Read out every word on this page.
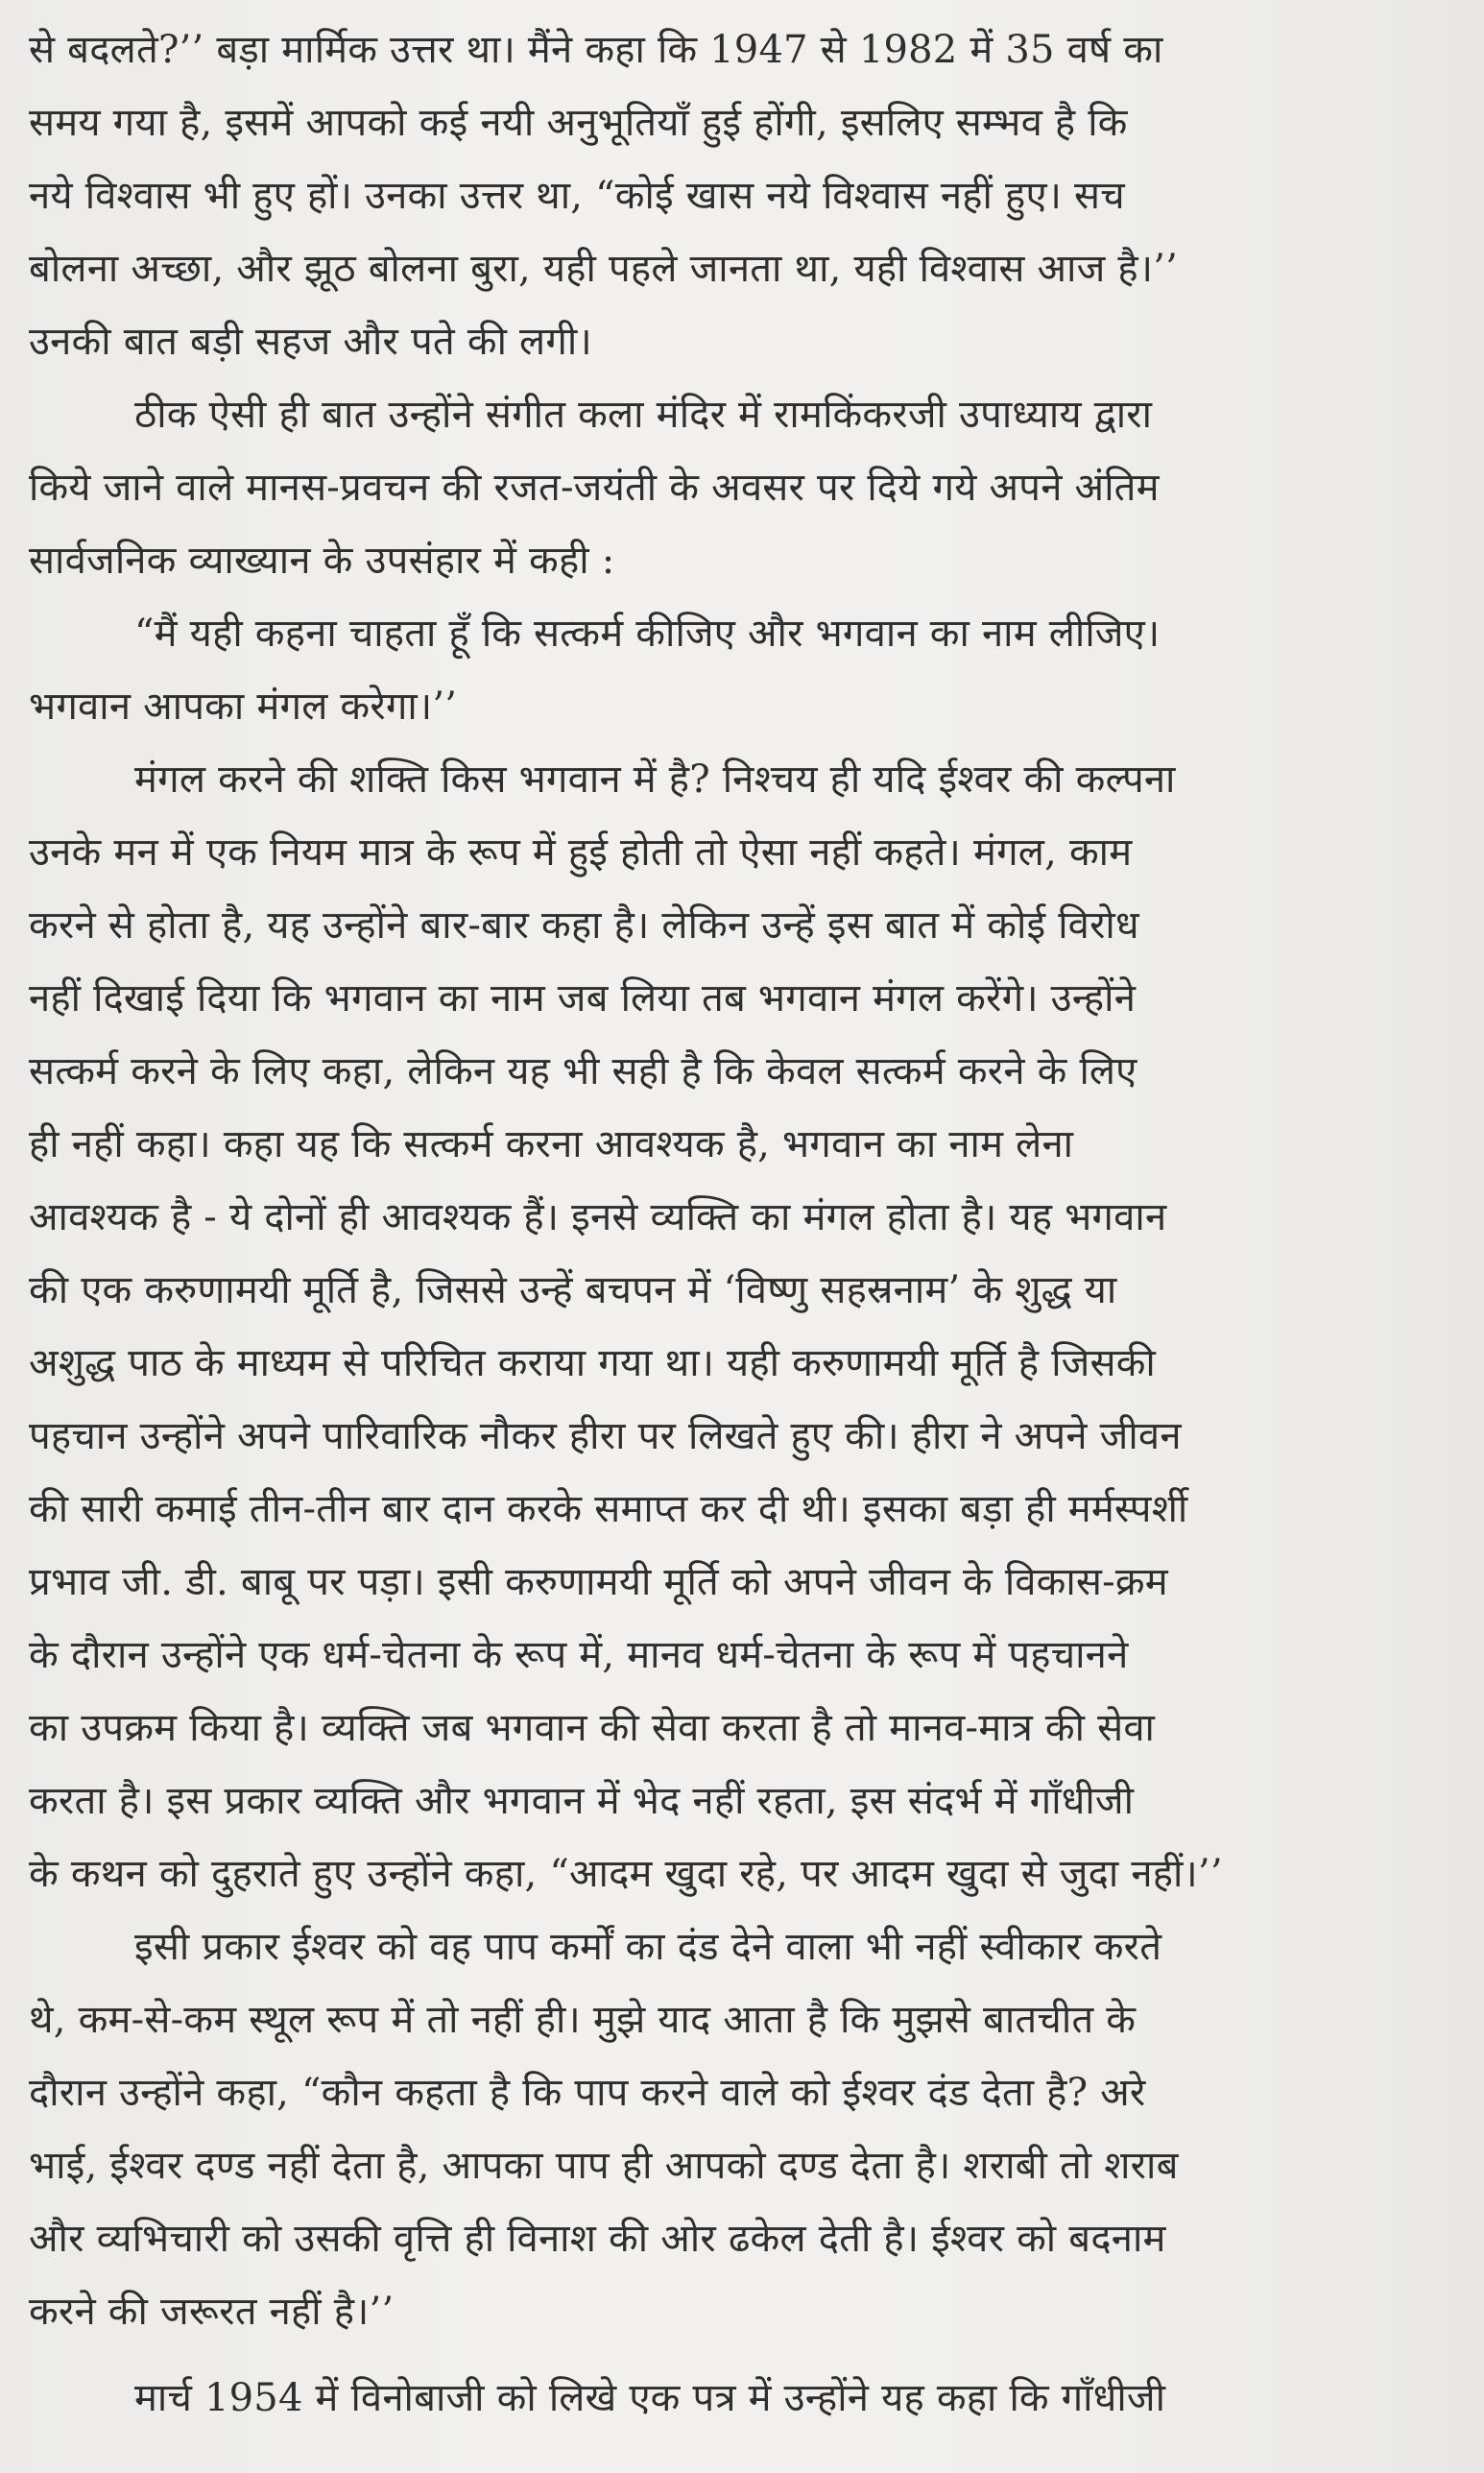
से बदलते?’’ बड़ा मार्मिक उत्तर था। मैंने कहा कि 1947 से 1982 में 35 वर्ष का
समय गया है, इसमें आपको कई नयी अनुभूतियाँ हुई होंगी, इसलिए सम्भव है कि
नये विश्वास भी हुए हों। उनका उत्तर था, “कोई खास नये विश्वास नहीं हुए। सच
बोलना अच्छा, और झूठ बोलना बुरा, यही पहले जानता था, यही विश्वास आज है।’’
उनकी बात बड़ी सहज और पते की लगी।
ठीक ऐसी ही बात उन्होंने संगीत कला मंदिर में रामकिंकरजी उपाध्याय द्वारा
किये जाने वाले मानस-प्रवचन की रजत-जयंती के अवसर पर दिये गये अपने अंतिम
सार्वजनिक व्याख्यान के उपसंहार में कही :
“मैं यही कहना चाहता हूँ कि सत्कर्म कीजिए और भगवान का नाम लीजिए।
भगवान आपका मंगल करेगा।’’
मंगल करने की शक्ति किस भगवान में है? निश्चय ही यदि ईश्वर की कल्पना
उनके मन में एक नियम मात्र के रूप में हुई होती तो ऐसा नहीं कहते। मंगल, काम
करने से होता है, यह उन्होंने बार-बार कहा है। लेकिन उन्हें इस बात में कोई विरोध
नहीं दिखाई दिया कि भगवान का नाम जब लिया तब भगवान मंगल करेंगे। उन्होंने
सत्कर्म करने के लिए कहा, लेकिन यह भी सही है कि केवल सत्कर्म करने के लिए
ही नहीं कहा। कहा यह कि सत्कर्म करना आवश्यक है, भगवान का नाम लेना
आवश्यक है - ये दोनों ही आवश्यक हैं। इनसे व्यक्ति का मंगल होता है। यह भगवान
की एक करुणामयी मूर्ति है, जिससे उन्हें बचपन में ‘विष्णु सहस्रनाम’ के शुद्ध या
अशुद्ध पाठ के माध्यम से परिचित कराया गया था। यही करुणामयी मूर्ति है जिसकी
पहचान उन्होंने अपने पारिवारिक नौकर हीरा पर लिखते हुए की। हीरा ने अपने जीवन
की सारी कमाई तीन-तीन बार दान करके समाप्त कर दी थी। इसका बड़ा ही मर्मस्पर्शी
प्रभाव जी. डी. बाबू पर पड़ा। इसी करुणामयी मूर्ति को अपने जीवन के विकास-क्रम
के दौरान उन्होंने एक धर्म-चेतना के रूप में, मानव धर्म-चेतना के रूप में पहचानने
का उपक्रम किया है। व्यक्ति जब भगवान की सेवा करता है तो मानव-मात्र की सेवा
करता है। इस प्रकार व्यक्ति और भगवान में भेद नहीं रहता, इस संदर्भ में गाँधीजी
के कथन को दुहराते हुए उन्होंने कहा, “आदम खुदा रहे, पर आदम खुदा से जुदा नहीं।’’
इसी प्रकार ईश्वर को वह पाप कर्मों का दंड देने वाला भी नहीं स्वीकार करते
थे, कम-से-कम स्थूल रूप में तो नहीं ही। मुझे याद आता है कि मुझसे बातचीत के
दौरान उन्होंने कहा, “कौन कहता है कि पाप करने वाले को ईश्वर दंड देता है? अरे
भाई, ईश्वर दण्ड नहीं देता है, आपका पाप ही आपको दण्ड देता है। शराबी तो शराब
और व्यभिचारी को उसकी वृत्ति ही विनाश की ओर ढकेल देती है। ईश्वर को बदनाम
करने की जरूरत नहीं है।’’
मार्च 1954 में विनोबाजी को लिखे एक पत्र में उन्होंने यह कहा कि गाँधीजी
